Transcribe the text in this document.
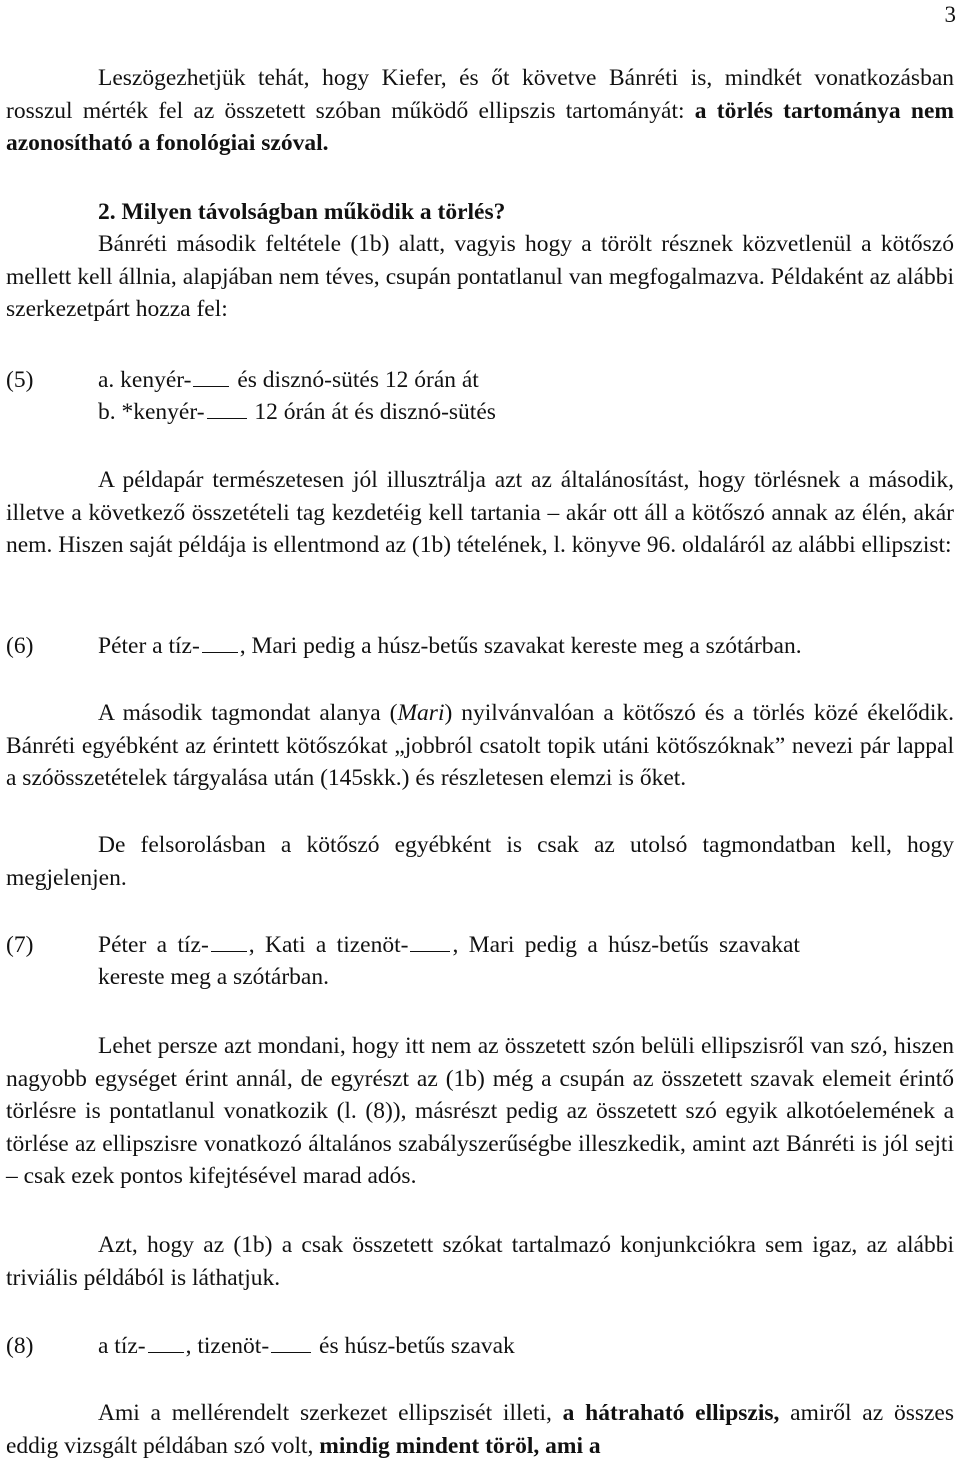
3

Leszögezhetjük tehát, hogy Kiefer, és őt követve Bánréti is, mindkét vonatkozásban rosszul mérték fel az összetett szóban működő ellipszis tartományát: a törlés tartománya nem azonosítható a fonológiai szóval.

2. Milyen távolságban működik a törlés?

Bánréti második feltétele (1b) alatt, vagyis hogy a törölt résznek közvetlenül a kötőszó mellett kell állnia, alapjában nem téves, csupán pontatlanul van megfogalmazva. Példaként az alábbi szerkezetpárt hozza fel:

(5)	a. kenyér- és disznó-sütés 12 órán át
b. *kenyér- 12 órán át és disznó-sütés

A példapár természetesen jól illusztrálja azt az általánosítást, hogy törlésnek a második, illetve a következő összetételi tag kezdetéig kell tartania – akár ott áll a kötőszó annak az élén, akár nem. Hiszen saját példája is ellentmond az (1b) tételének, l. könyve 96. oldaláról az alábbi ellipszist:

(6)	Péter a tíz- , Mari pedig a húsz-betűs szavakat kereste meg a szótárban.

A második tagmondat alanya (Mari) nyilvánvalóan a kötőszó és a törlés közé ékelődik. Bánréti egyébként az érintett kötőszókat „jobbról csatolt topik utáni kötőszóknak” nevezi pár lappal a szóösszetételek tárgyalása után (145skk.) és részletesen elemzi is őket.

De felsorolásban a kötőszó egyébként is csak az utolsó tagmondatban kell, hogy megjelenjen.

(7)	Péter a tíz- , Kati a tizenöt- , Mari pedig a húsz-betűs szavakat
kereste meg a szótárban.

Lehet persze azt mondani, hogy itt nem az összetett szón belüli ellipszisről van szó, hiszen nagyobb egységet érint annál, de egyrészt az (1b) még a csupán az összetett szavak elemeit érintő törlésre is pontatlanul vonatkozik (l. (8)), másrészt pedig az összetett szó egyik alkotóelemének a törlése az ellipszisre vonatkozó általános szabályszerűségbe illeszkedik, amint azt Bánréti is jól sejti – csak ezek pontos kifejtésével marad adós.

Azt, hogy az (1b) a csak összetett szókat tartalmazó konjunkciókra sem igaz, az alábbi triviális példából is láthatjuk.

(8)	a tíz- , tizenöt- és húsz-betűs szavak

Ami a mellérendelt szerkezet ellipszisét illeti, a hátraható ellipszis, amiről az összes eddig vizsgált példában szó volt, mindig mindent töröl, ami a
